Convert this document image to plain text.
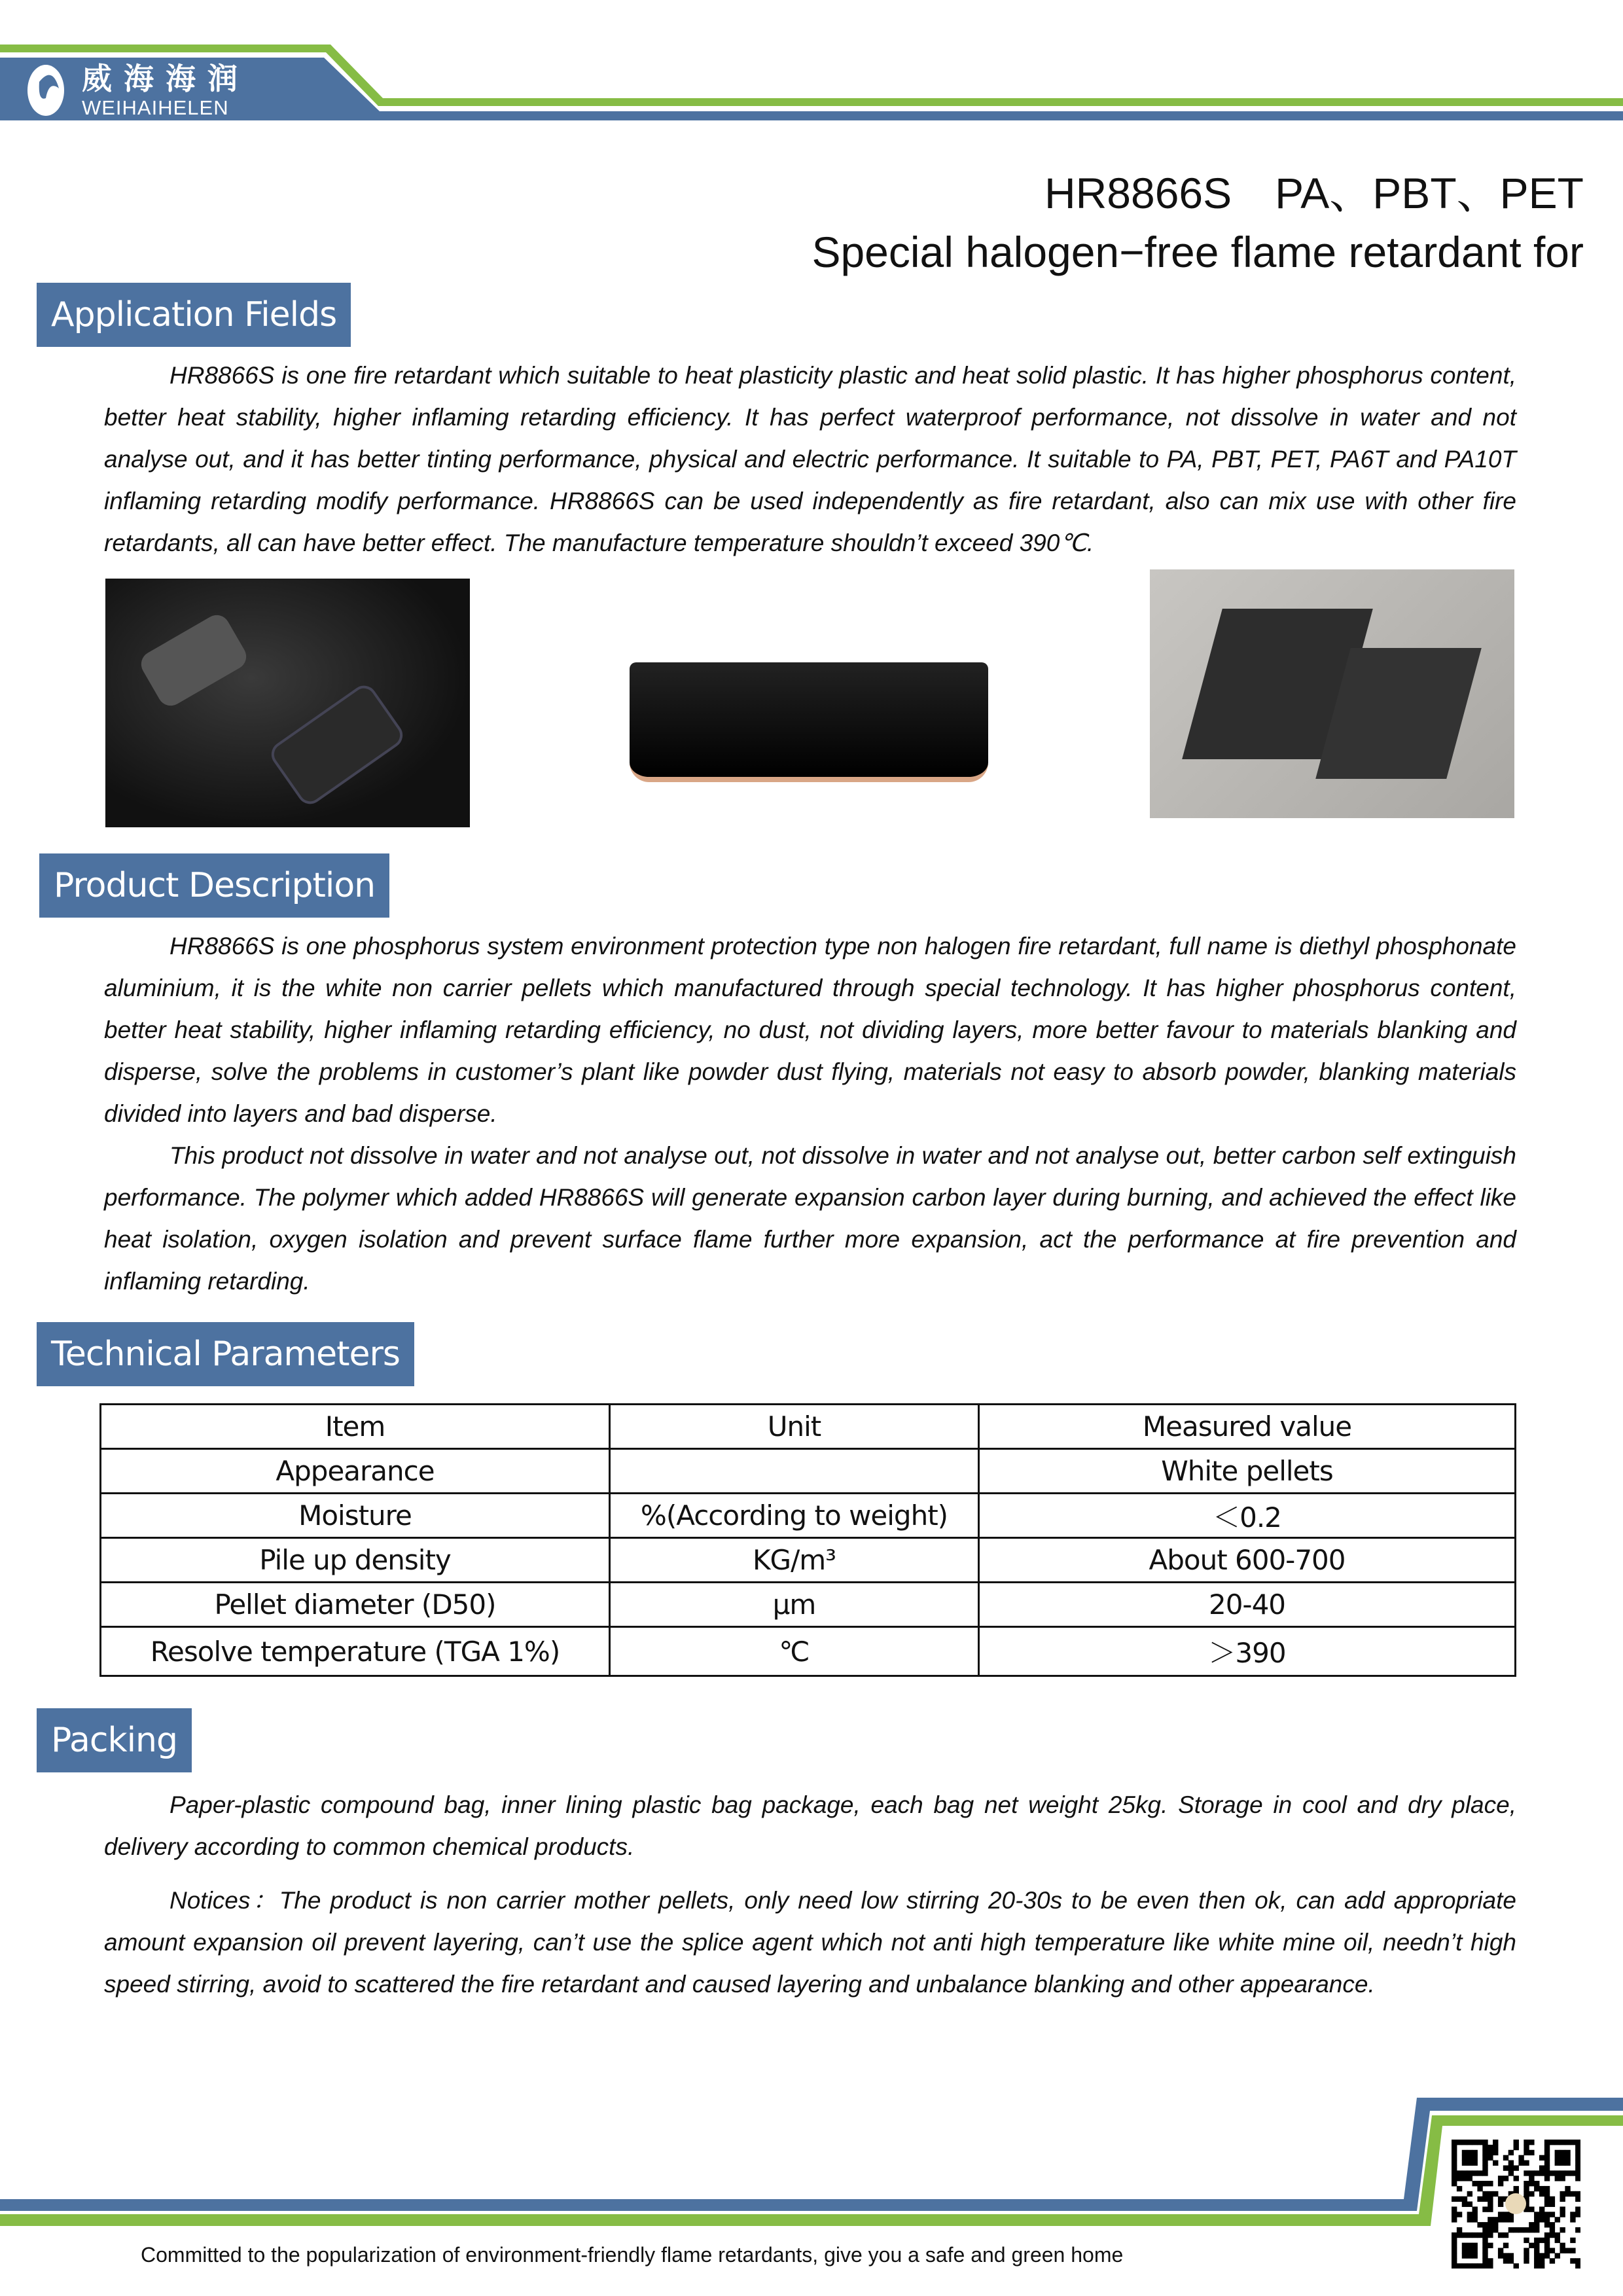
威海海润
WEIHAIHELEN
HR8866S　PA、PBT、PET
Special halogen−free flame retardant for
Application Fields

HR8866S is one fire retardant which suitable to heat plasticity plastic and heat solid plastic. It has higher phosphorus content, better heat stability, higher inflaming retarding efficiency. It has perfect waterproof performance, not dissolve in water and not analyse out, and it has better tinting performance, physical and electric performance. It suitable to PA, PBT, PET, PA6T and PA10T inflaming retarding modify performance. HR8866S can be used independently as fire retardant, also can mix use with other fire retardants, all can have better effect. The manufacture temperature shouldn’t exceed 390℃.

Product Description

HR8866S is one phosphorus system environment protection type non halogen fire retardant, full name is diethyl phosphonate aluminium, it is the white non carrier pellets which manufactured through special technology. It has higher phosphorus content, better heat stability, higher inflaming retarding efficiency, no dust, not dividing layers, more better favour to materials blanking and disperse, solve the problems in customer’s plant like powder dust flying, materials not easy to absorb powder, blanking materials divided into layers and bad disperse.

This product not dissolve in water and not analyse out, not dissolve in water and not analyse out, better carbon self extinguish performance. The polymer which added HR8866S will generate expansion carbon layer during burning, and achieved the effect like heat isolation, oxygen isolation and prevent surface flame further more expansion, act the performance at fire prevention and inflaming retarding.

Technical Parameters
Item	Unit	Measured value
Appearance		White pellets
Moisture	%(According to weight)	＜0.2
Pile up density	KG/m³	About 600-700
Pellet diameter (D50)	μm	20-40
Resolve temperature (TGA 1%)	℃	＞390
Packing

Paper-plastic compound bag, inner lining plastic bag package, each bag net weight 25kg. Storage in cool and dry place, delivery according to common chemical products.

Notices：The product is non carrier mother pellets, only need low stirring 20-30s to be even then ok, can add appropriate amount expansion oil prevent layering, can’t use the splice agent which not anti high temperature like white mine oil, needn’t high speed stirring, avoid to scattered the fire retardant and caused layering and unbalance blanking and other appearance.

Committed to the popularization of environment-friendly flame retardants, give you a safe and green home
